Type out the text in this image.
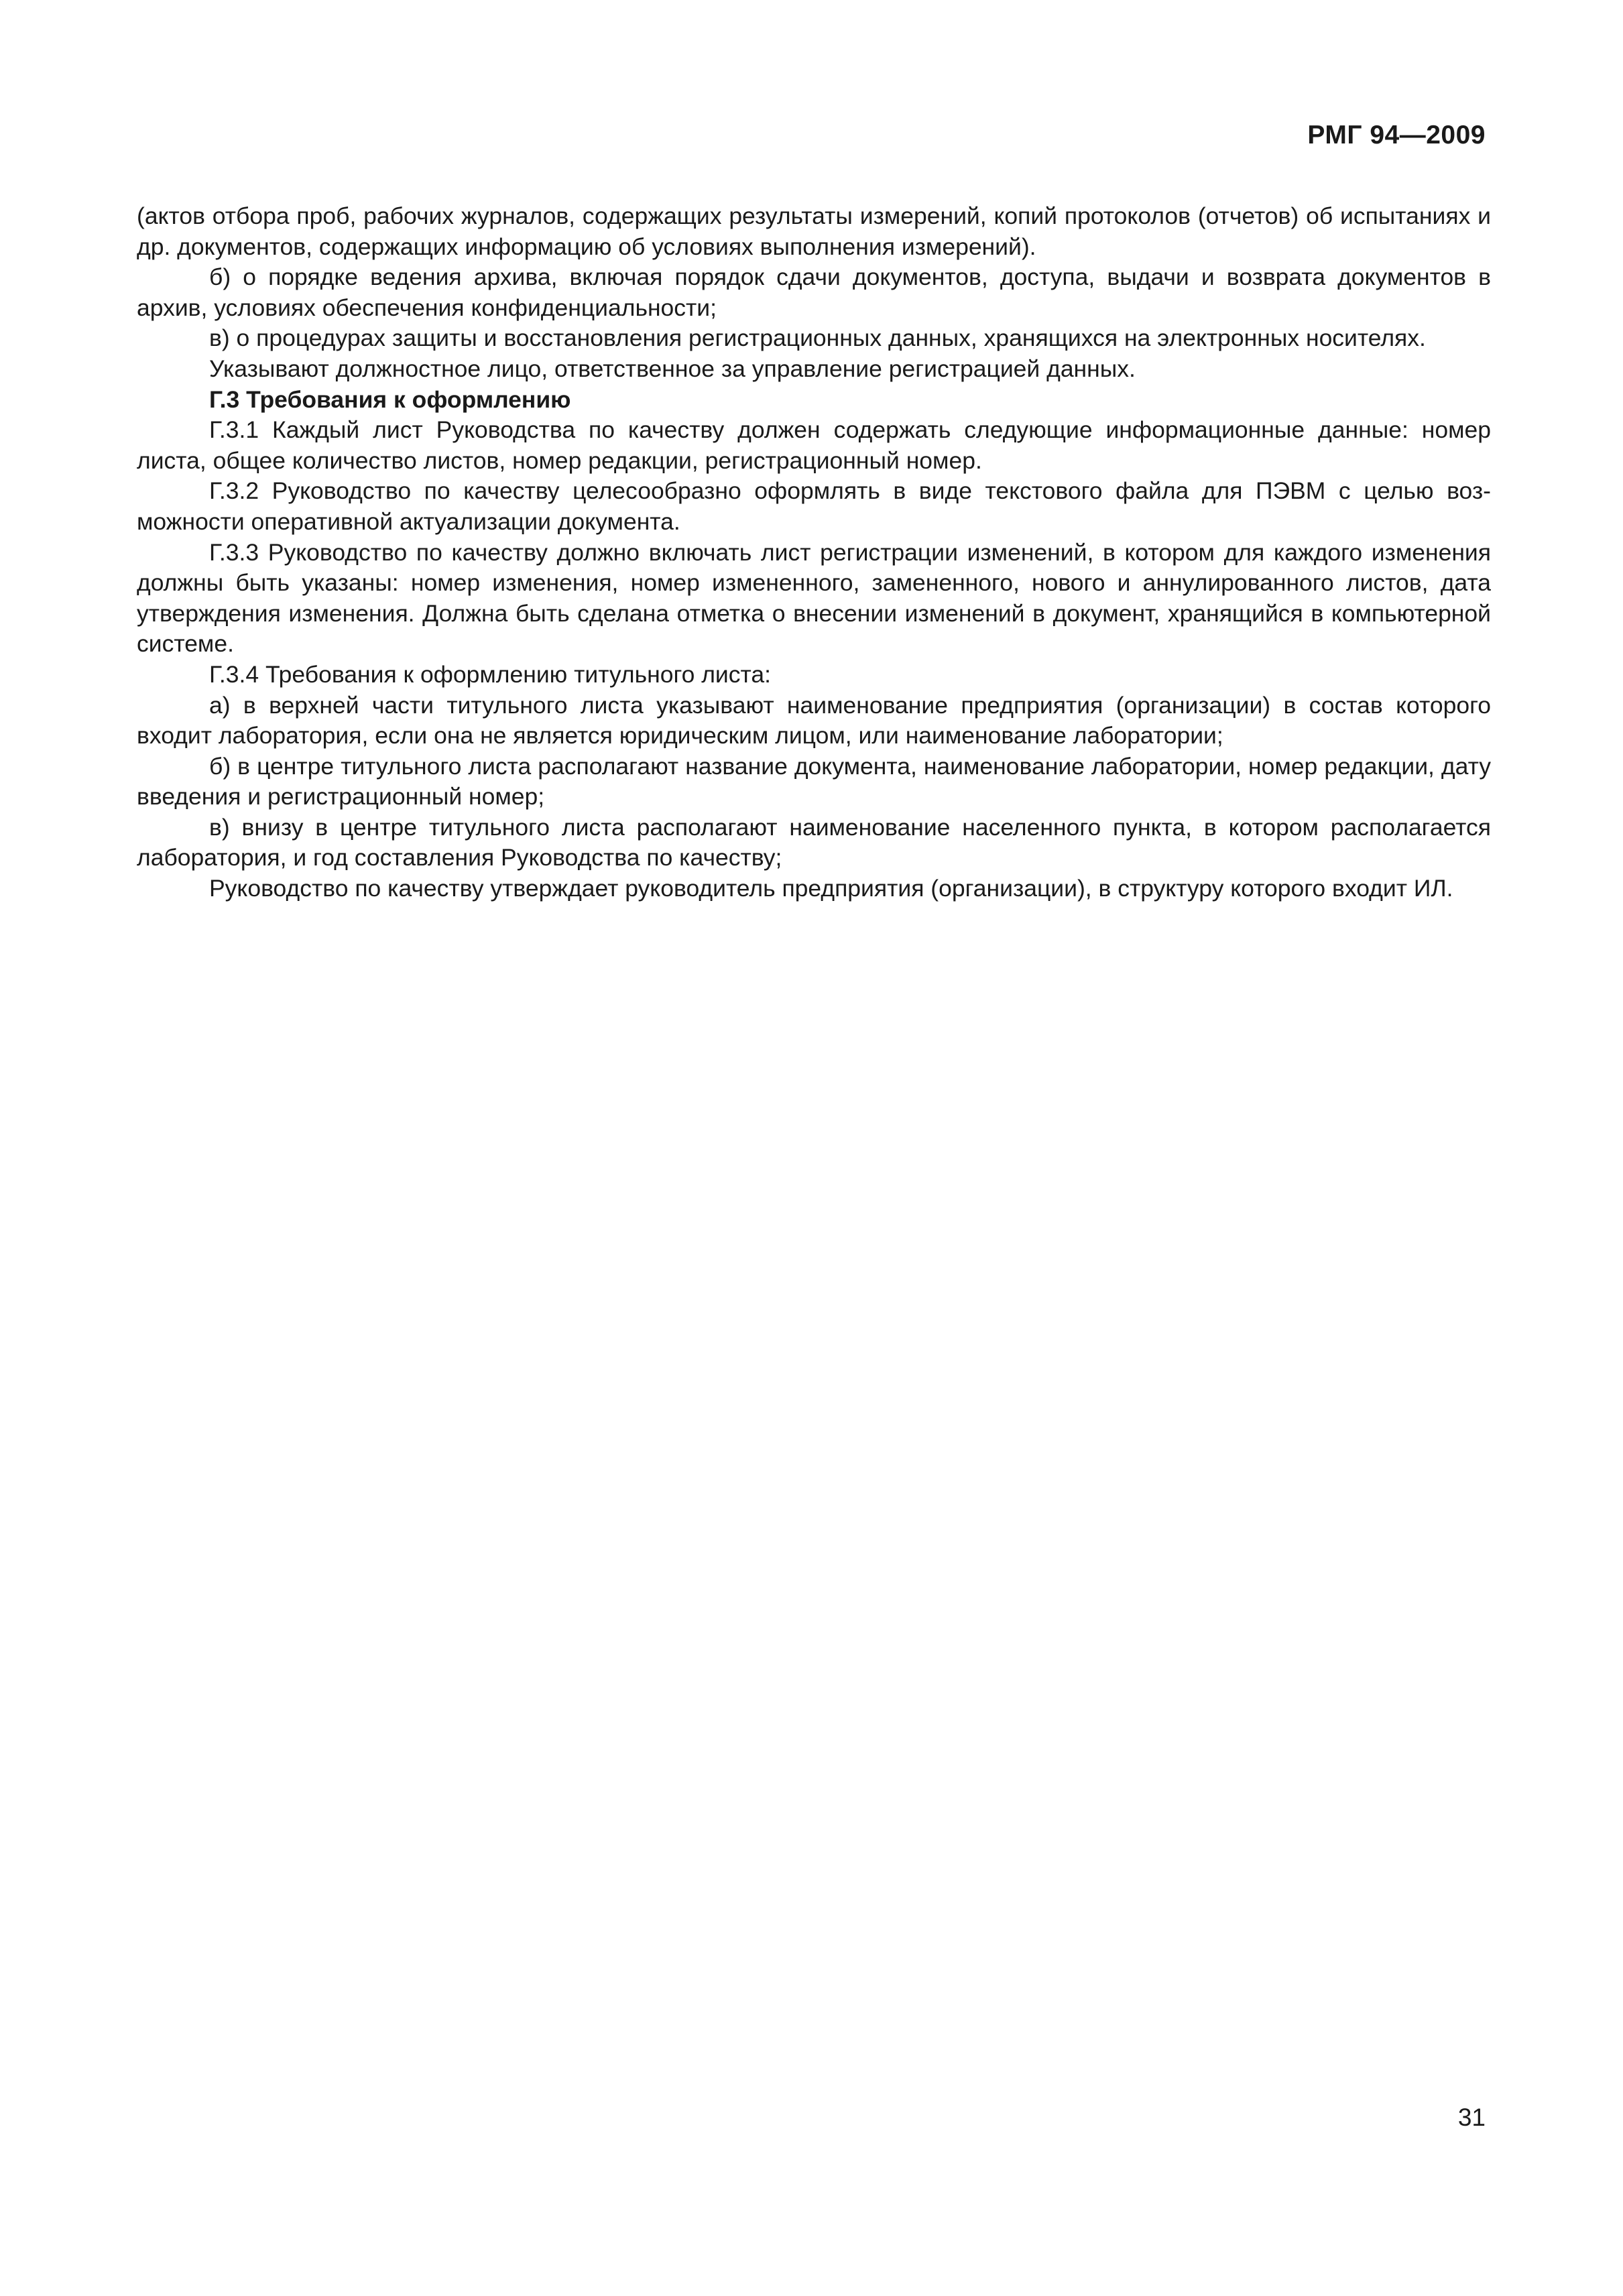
РМГ 94—2009

(актов отбора проб, рабочих журналов, содержащих результаты измерений, копий протоколов (отчетов) об испытаниях и др. документов, содержащих информацию об условиях выполнения измерений).

б) о порядке ведения архива, включая порядок сдачи документов, доступа, выдачи и возврата документов в архив, условиях обеспечения конфиденциальности;

в) о процедурах защиты и восстановления регистрационных данных, хранящихся на электронных носителях.

Указывают должностное лицо, ответственное за управление регистрацией данных.

Г.3 Требования к оформлению

Г.3.1 Каждый лист Руководства по качеству должен содержать следующие информационные данные: номер листа, общее количество листов, номер редакции, регистрационный номер.

Г.3.2 Руководство по качеству целесообразно оформлять в виде текстового файла для ПЭВМ с целью возможности оперативной актуализации документа.

Г.3.3 Руководство по качеству должно включать лист регистрации изменений, в котором для каждого изменения должны быть указаны: номер изменения, номер измененного, замененного, нового и аннулированного листов, дата утверждения изменения. Должна быть сделана отметка о внесении изменений в документ, хранящийся в компьютерной системе.

Г.3.4 Требования к оформлению титульного листа:

а) в верхней части титульного листа указывают наименование предприятия (организации) в состав которого входит лаборатория, если она не является юридическим лицом, или наименование лаборатории;

б) в центре титульного листа располагают название документа, наименование лаборатории, номер редакции, дату введения и регистрационный номер;

в) внизу в центре титульного листа располагают наименование населенного пункта, в котором располагается лаборатория, и год составления Руководства по качеству;

Руководство по качеству утверждает руководитель предприятия (организации), в структуру которого входит ИЛ.

31
